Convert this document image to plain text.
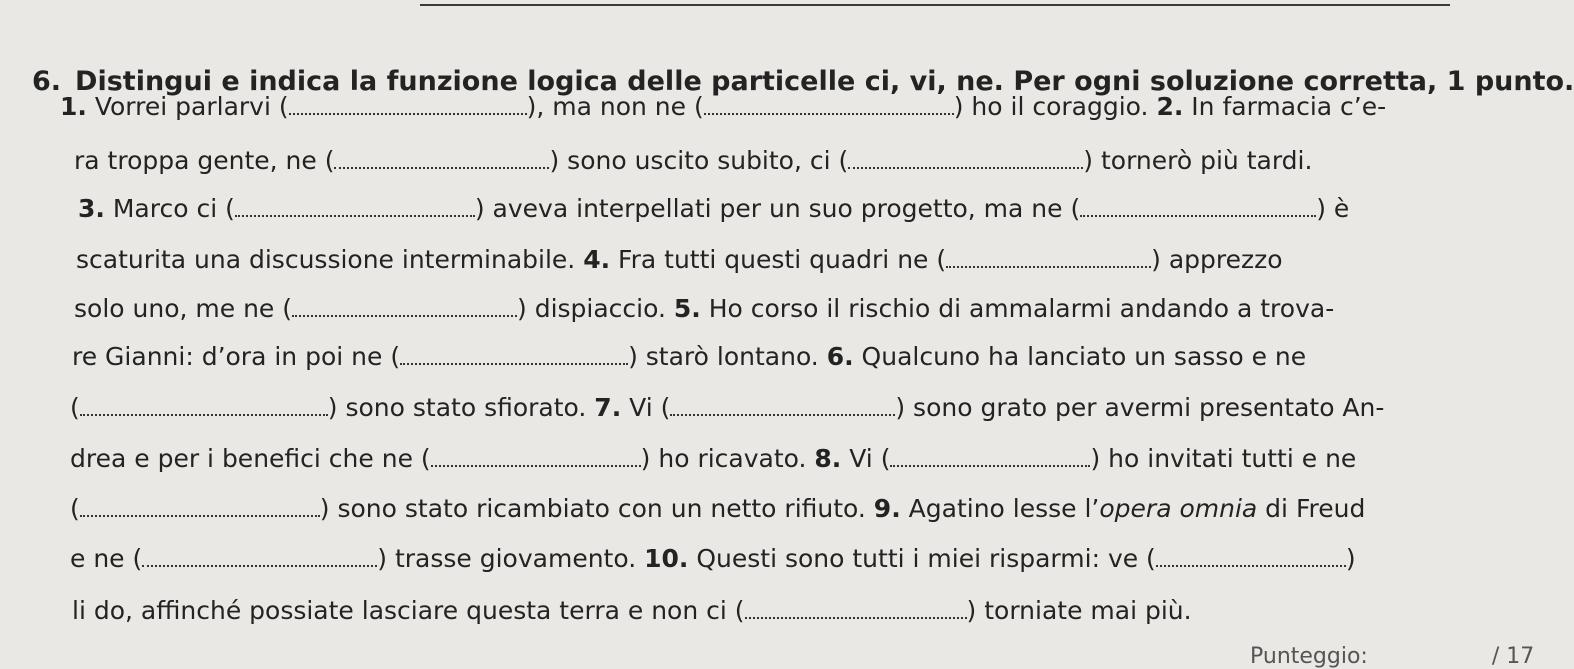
6. Distingui e indica la funzione logica delle particelle ci, vi, ne. Per ogni soluzione corretta, 1 punto.
1. Vorrei parlarvi (	), ma non ne (	) ho il coraggio. 2. In farmacia c’e-
ra troppa gente, ne (	) sono uscito subito, ci (	) tornerò più tardi.
3. Marco ci (	) aveva interpellati per un suo progetto, ma ne (	) è
scaturita una discussione interminabile. 4. Fra tutti questi quadri ne (	) apprezzo
solo uno, me ne (	) dispiaccio. 5. Ho corso il rischio di ammalarmi andando a trova-
re Gianni: d’ora in poi ne (	) starò lontano. 6. Qualcuno ha lanciato un sasso e ne
(	) sono stato sfiorato. 7. Vi (	) sono grato per avermi presentato An-
drea e per i benefici che ne (	) ho ricavato. 8. Vi (	) ho invitati tutti e ne
(	) sono stato ricambiato con un netto rifiuto. 9. Agatino lesse l’opera omnia di Freud
e ne (	) trasse giovamento. 10. Questi sono tutti i miei risparmi: ve (	)
li do, affinché possiate lasciare questa terra e non ci (	) torniate mai più.
Punteggio:	/ 17
